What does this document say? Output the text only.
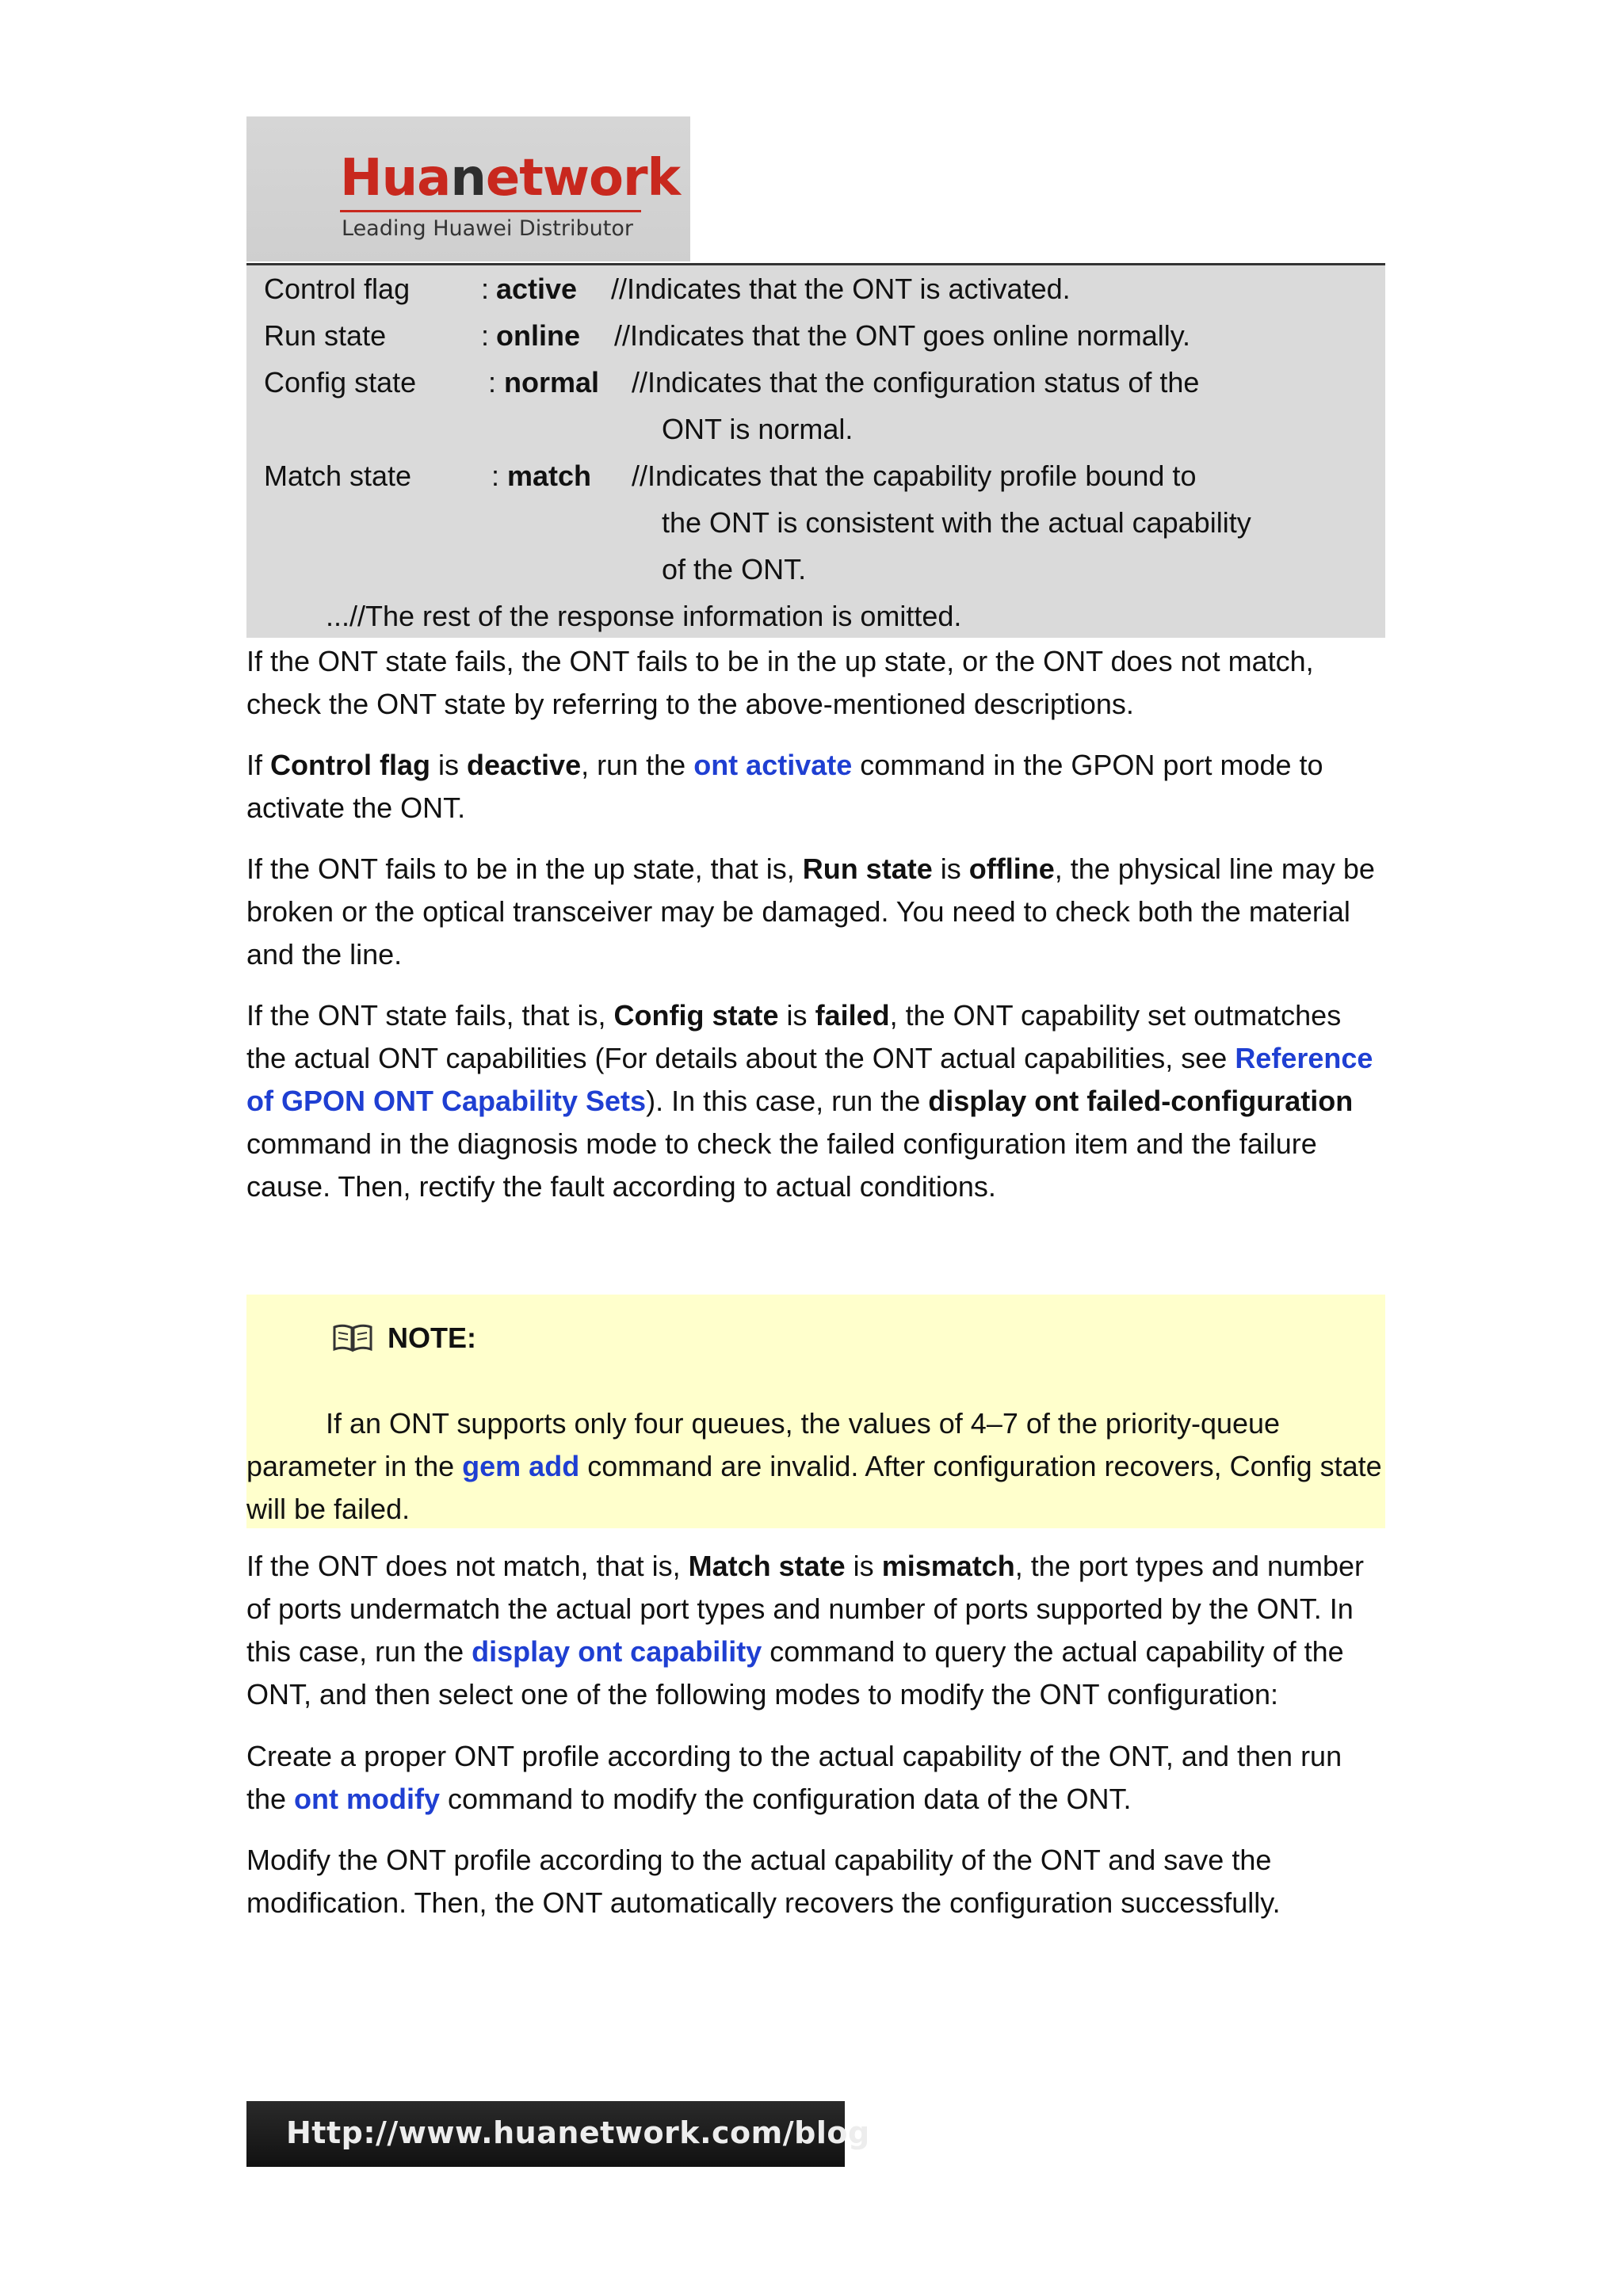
Huanetwork
Leading Huawei Distributor
Control flag : active //Indicates that the ONT is activated.
Run state	: online //Indicates that the ONT goes online normally.
Config state	: normal //Indicates that the configuration status of the
ONT is normal.
Match state	: match //Indicates that the capability profile bound to
the ONT is consistent with the actual capability
of the ONT.
...//The rest of the response information is omitted.

If the ONT state fails, the ONT fails to be in the up state, or the ONT does not match, check the ONT state by referring to the above-mentioned descriptions.

If Control flag is deactive, run the ont activate command in the GPON port mode to activate the ONT.

If the ONT fails to be in the up state, that is, Run state is offline, the physical line may be broken or the optical transceiver may be damaged. You need to check both the material and the line.

If the ONT state fails, that is, Config state is failed, the ONT capability set outmatches the actual ONT capabilities (For details about the ONT actual capabilities, see Reference of GPON ONT Capability Sets). In this case, run the display ont failed-configuration command in the diagnosis mode to check the failed configuration item and the failure cause. Then, rectify the fault according to actual conditions.

NOTE:

If an ONT supports only four queues, the values of 4–7 of the priority-queue parameter in the gem add command are invalid. After configuration recovers, Config state will be failed.

If the ONT does not match, that is, Match state is mismatch, the port types and number of ports undermatch the actual port types and number of ports supported by the ONT. In this case, run the display ont capability command to query the actual capability of the ONT, and then select one of the following modes to modify the ONT configuration:

Create a proper ONT profile according to the actual capability of the ONT, and then run the ont modify command to modify the configuration data of the ONT.

Modify the ONT profile according to the actual capability of the ONT and save the modification. Then, the ONT automatically recovers the configuration successfully.

Http://www.huanetwork.com/blog
